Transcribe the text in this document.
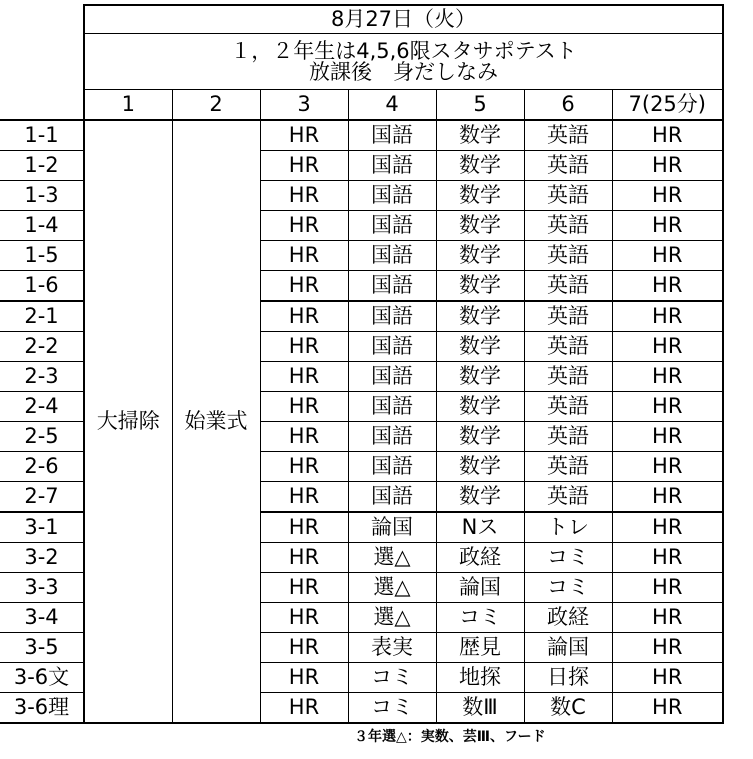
	8月27日（火）						

	１，２年生は4,5,6限スタサポテスト
放課後　身だしなみ						

	1	2	3	4	5	6	7(25分)
1-1	大掃除	始業式	HR	国語	数学	英語	HR
1-2			HR	国語	数学	英語	HR
1-3			HR	国語	数学	英語	HR
1-4			HR	国語	数学	英語	HR
1-5			HR	国語	数学	英語	HR
1-6			HR	国語	数学	英語	HR
2-1			HR	国語	数学	英語	HR
2-2			HR	国語	数学	英語	HR
2-3			HR	国語	数学	英語	HR
2-4			HR	国語	数学	英語	HR
2-5			HR	国語	数学	英語	HR
2-6			HR	国語	数学	英語	HR
2-7			HR	国語	数学	英語	HR
3-1			HR	論国	Nス	トレ	HR
3-2			HR	選△	政経	コミ	HR
3-3			HR	選△	論国	コミ	HR
3-4			HR	選△	コミ	政経	HR
3-5			HR	表実	歴見	論国	HR
3-6文			HR	コミ	地探	日探	HR
3-6理			HR	コミ	数Ⅲ	数C	HR
３年選△：実数、芸Ⅲ、フード
